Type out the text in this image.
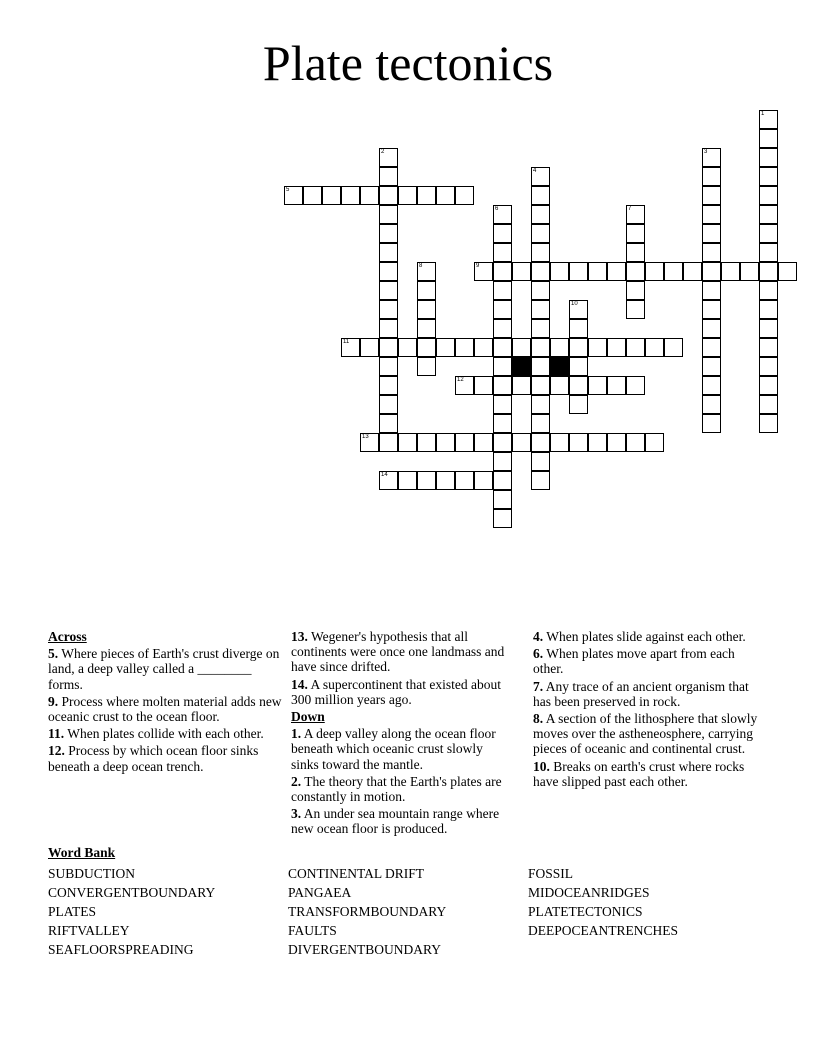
Plate tectonics
1
2	3
4
5
6	7
8	9
10
11
12
13
14
Across
5. Where pieces of Earth's crust diverge on land, a deep valley called a ________ forms.
9. Process where molten material adds new oceanic crust to the ocean floor.
11. When plates collide with each other.
12. Process by which ocean floor sinks beneath a deep ocean trench.
13. Wegener's hypothesis that all continents were once one landmass and have since drifted.
14. A supercontinent that existed about 300 million years ago.
Down
1. A deep valley along the ocean floor beneath which oceanic crust slowly sinks toward the mantle.
2. The theory that the Earth's plates are constantly in motion.
3. An under sea mountain range where new ocean floor is produced.
4. When plates slide against each other.
6. When plates move apart from each other.
7. Any trace of an ancient organism that has been preserved in rock.
8. A section of the lithosphere that slowly moves over the astheneosphere, carrying pieces of oceanic and continental crust.
10. Breaks on earth's crust where rocks have slipped past each other.
Word Bank
SUBDUCTION
CONVERGENTBOUNDARY
PLATES
RIFTVALLEY
SEAFLOORSPREADING
CONTINENTAL DRIFT
PANGAEA
TRANSFORMBOUNDARY
FAULTS
DIVERGENTBOUNDARY
FOSSIL
MIDOCEANRIDGES
PLATETECTONICS
DEEPOCEANTRENCHES
